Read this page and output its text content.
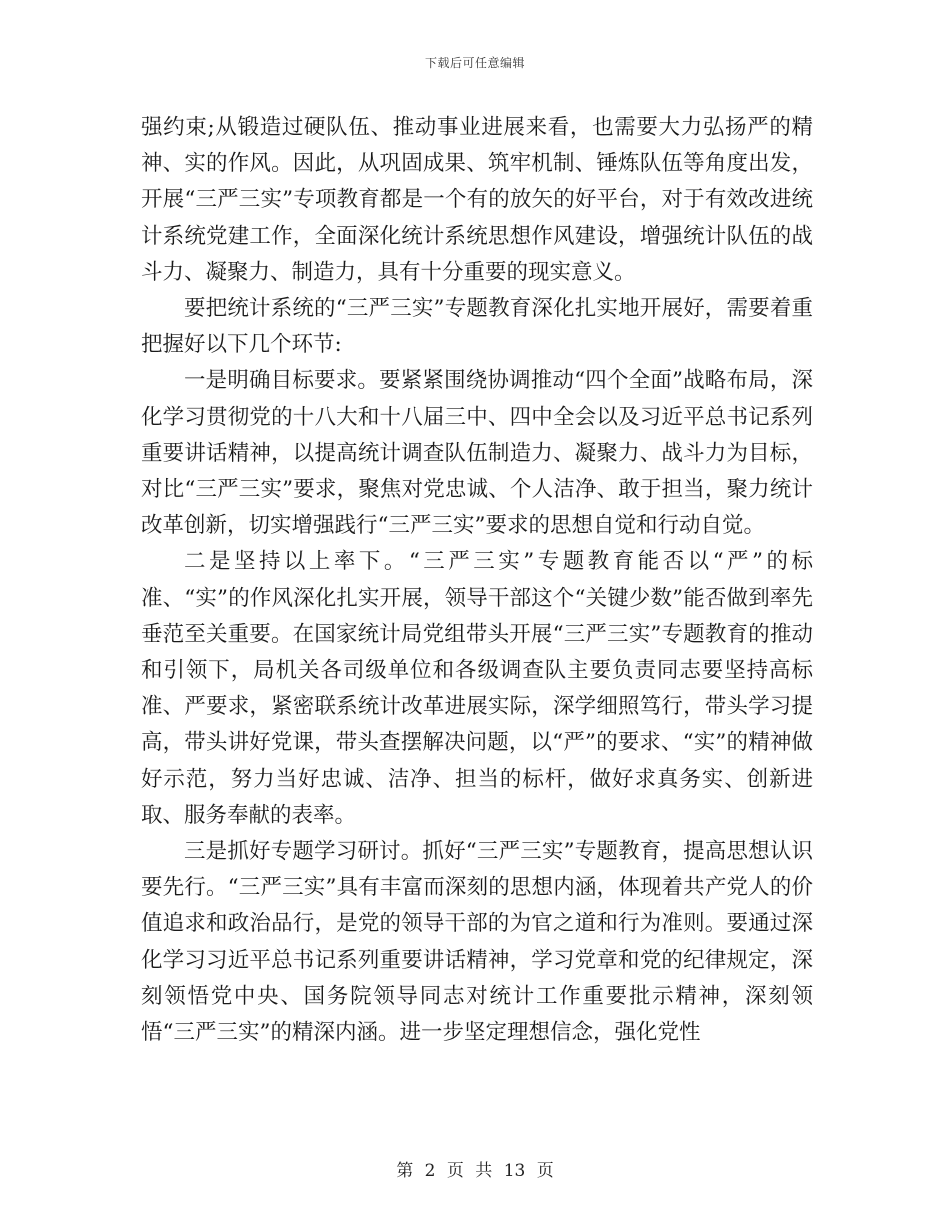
下载后可任意编辑

强约束;从锻造过硬队伍、推动事业进展来看，也需要大力弘扬严的精神、实的作风。因此，从巩固成果、筑牢机制、锤炼队伍等角度出发，开展“三严三实”专项教育都是一个有的放矢的好平台，对于有效改进统计系统党建工作，全面深化统计系统思想作风建设，增强统计队伍的战斗力、凝聚力、制造力，具有十分重要的现实意义。

要把统计系统的“三严三实”专题教育深化扎实地开展好，需要着重把握好以下几个环节:

一是明确目标要求。要紧紧围绕协调推动“四个全面”战略布局，深化学习贯彻党的十八大和十八届三中、四中全会以及习近平总书记系列重要讲话精神，以提高统计调查队伍制造力、凝聚力、战斗力为目标，对比“三严三实”要求，聚焦对党忠诚、个人洁净、敢于担当，聚力统计改革创新，切实增强践行“三严三实”要求的思想自觉和行动自觉。

二是坚持以上率下。“三严三实”专题教育能否以“严”的标准、“实”的作风深化扎实开展，领导干部这个“关键少数”能否做到率先垂范至关重要。在国家统计局党组带头开展“三严三实”专题教育的推动和引领下，局机关各司级单位和各级调查队主要负责同志要坚持高标准、严要求，紧密联系统计改革进展实际，深学细照笃行，带头学习提高，带头讲好党课，带头查摆解决问题，以“严”的要求、“实”的精神做好示范，努力当好忠诚、洁净、担当的标杆，做好求真务实、创新进取、服务奉献的表率。

三是抓好专题学习研讨。抓好“三严三实”专题教育，提高思想认识要先行。“三严三实”具有丰富而深刻的思想内涵，体现着共产党人的价值追求和政治品行，是党的领导干部的为官之道和行为准则。要通过深化学习习近平总书记系列重要讲话精神，学习党章和党的纪律规定，深刻领悟党中央、国务院领导同志对统计工作重要批示精神，深刻领悟“三严三实”的精深内涵。进一步坚定理想信念，强化党性

第 2 页 共 13 页
